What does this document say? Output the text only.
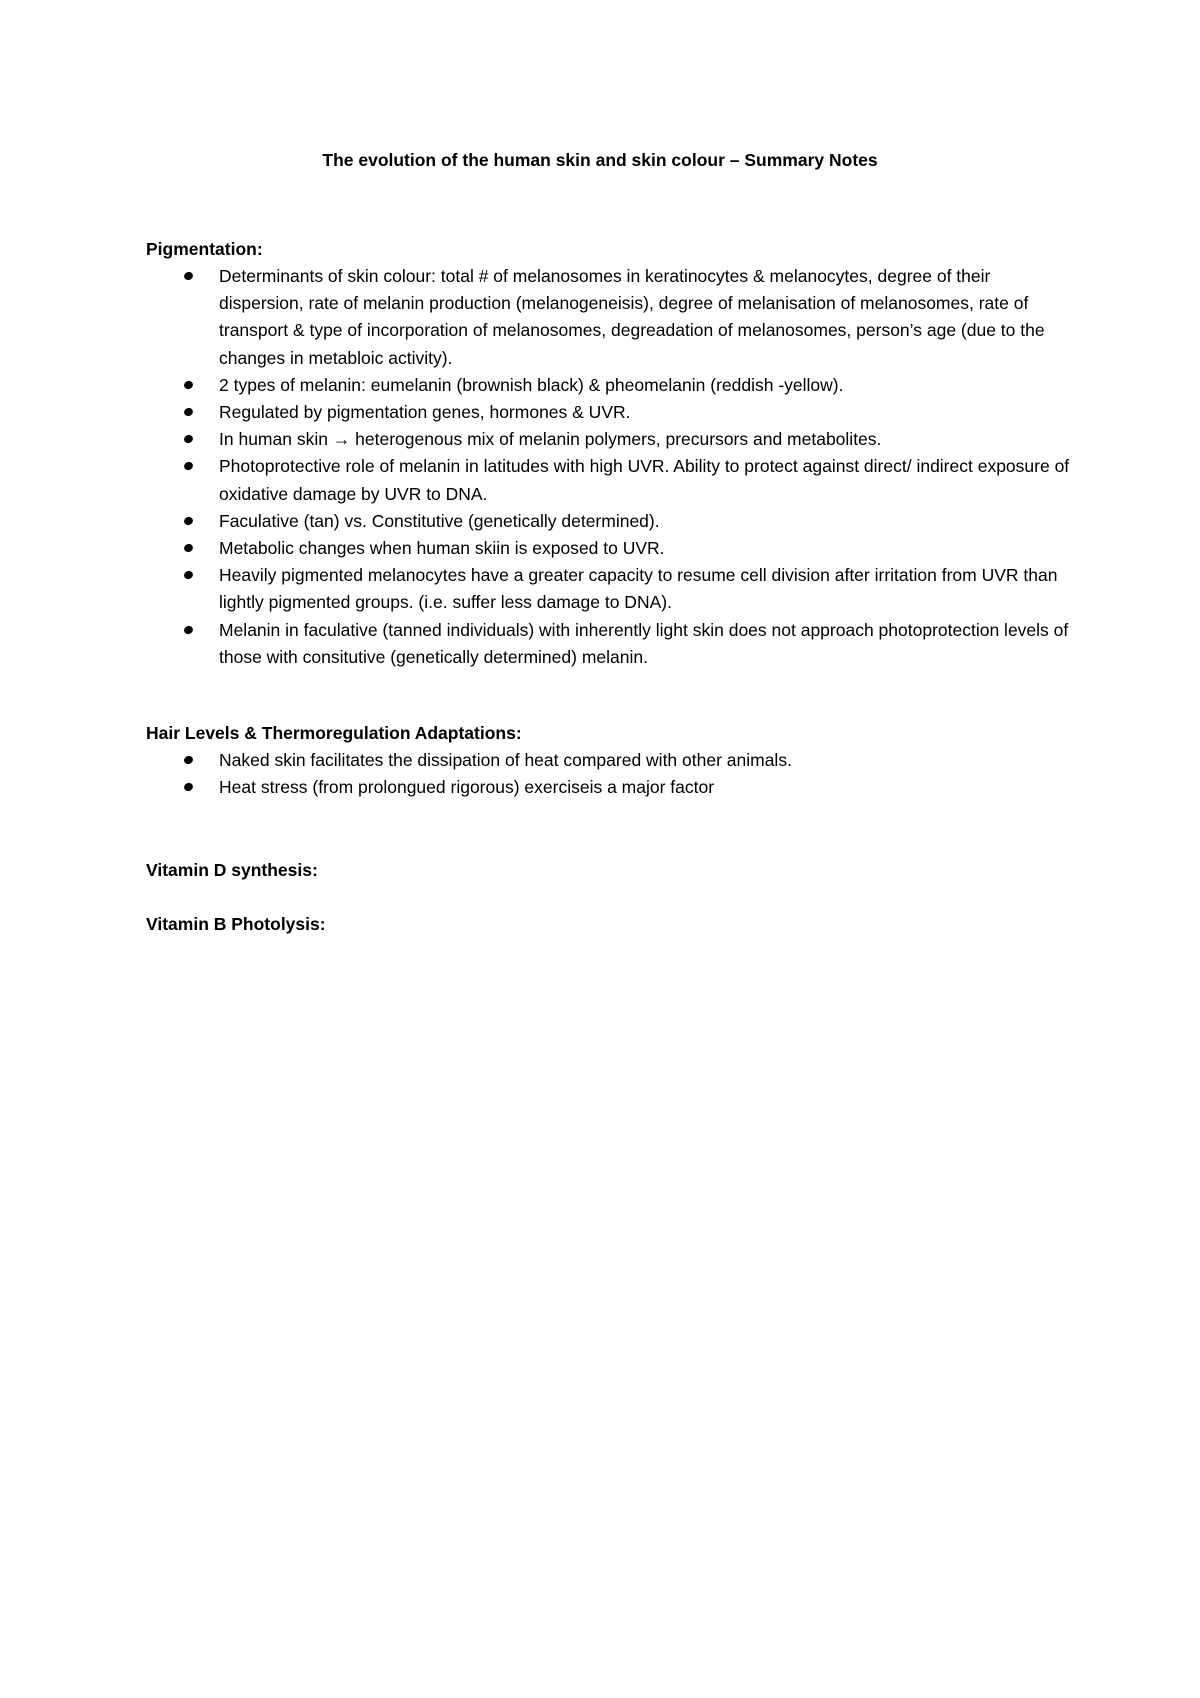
The evolution of the human skin and skin colour – Summary Notes
Pigmentation:
Determinants of skin colour: total # of melanosomes in keratinocytes & melanocytes, degree of their dispersion, rate of melanin production (melanogeneisis), degree of melanisation of melanosomes, rate of transport & type of incorporation of melanosomes, degreadation of melanosomes, person’s age (due to the changes in metabloic activity).
2 types of melanin: eumelanin (brownish black) & pheomelanin (reddish -yellow).
Regulated by pigmentation genes, hormones & UVR.
In human skin → heterogenous mix of melanin polymers, precursors and metabolites.
Photoprotective role of melanin in latitudes with high UVR. Ability to protect against direct/ indirect exposure of oxidative damage by UVR to DNA.
Faculative (tan) vs. Constitutive (genetically determined).
Metabolic changes when human skiin is exposed to UVR.
Heavily pigmented melanocytes have a greater capacity to resume cell division after irritation from UVR than lightly pigmented groups. (i.e. suffer less damage to DNA).
Melanin in faculative (tanned individuals) with inherently light skin does not approach photoprotection levels of those with consitutive (genetically determined) melanin.
Hair Levels & Thermoregulation Adaptations:
Naked skin facilitates the dissipation of heat compared with other animals.
Heat stress (from prolongued rigorous) exerciseis a major factor
Vitamin D synthesis:
Vitamin B Photolysis:
